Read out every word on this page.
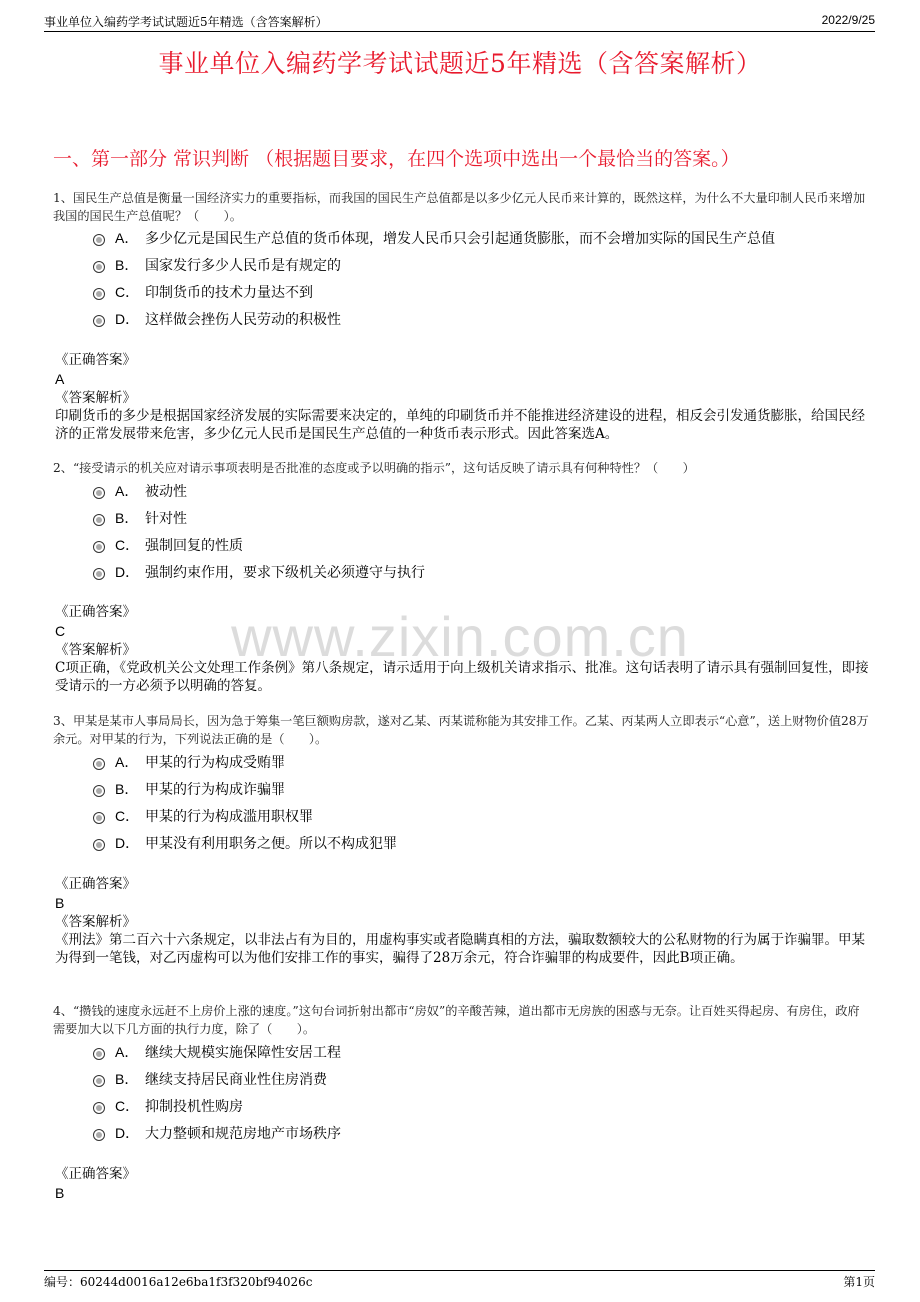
事业单位入编药学考试试题近5年精选（含答案解析）	2022/9/25
事业单位入编药学考试试题近5年精选（含答案解析）
一、第一部分 常识判断 （根据题目要求，在四个选项中选出一个最恰当的答案。）
www.zixin.com.cn
1、国民生产总值是衡量一国经济实力的重要指标，而我国的国民生产总值都是以多少亿元人民币来计算的，既然这样，为什么不大量印制人民币来增加我国的国民生产总值呢？（　　）。
A． 多少亿元是国民生产总值的货币体现，增发人民币只会引起通货膨胀，而不会增加实际的国民生产总值
B． 国家发行多少人民币是有规定的
C． 印制货币的技术力量达不到
D． 这样做会挫伤人民劳动的积极性
《正确答案》
A
《答案解析》
印刷货币的多少是根据国家经济发展的实际需要来决定的，单纯的印刷货币并不能推进经济建设的进程，相反会引发通货膨胀，给国民经济的正常发展带来危害，多少亿元人民币是国民生产总值的一种货币表示形式。因此答案选A。
2、“接受请示的机关应对请示事项表明是否批准的态度或予以明确的指示”，这句话反映了请示具有何种特性？（　　）
A． 被动性
B． 针对性
C． 强制回复的性质
D． 强制约束作用，要求下级机关必须遵守与执行
《正确答案》
C
《答案解析》
C项正确，《党政机关公文处理工作条例》第八条规定，请示适用于向上级机关请求指示、批准。这句话表明了请示具有强制回复性，即接受请示的一方必须予以明确的答复。
3、甲某是某市人事局局长，因为急于筹集一笔巨额购房款，遂对乙某、丙某谎称能为其安排工作。乙某、丙某两人立即表示“心意”，送上财物价值28万余元。对甲某的行为，下列说法正确的是（　　）。
A． 甲某的行为构成受贿罪
B． 甲某的行为构成诈骗罪
C． 甲某的行为构成滥用职权罪
D． 甲某没有利用职务之便。所以不构成犯罪
《正确答案》
B
《答案解析》
《刑法》第二百六十六条规定，以非法占有为目的，用虚构事实或者隐瞒真相的方法，骗取数额较大的公私财物的行为属于诈骗罪。甲某为得到一笔钱，对乙丙虚构可以为他们安排工作的事实，骗得了28万余元，符合诈骗罪的构成要件，因此B项正确。
4、“攒钱的速度永远赶不上房价上涨的速度。”这句台词折射出都市“房奴”的辛酸苦辣，道出都市无房族的困惑与无奈。让百姓买得起房、有房住，政府需要加大以下几方面的执行力度，除了（　　）。
A． 继续大规模实施保障性安居工程
B． 继续支持居民商业性住房消费
C． 抑制投机性购房
D． 大力整顿和规范房地产市场秩序
《正确答案》
B
编号：60244d0016a12e6ba1f3f320bf94026c	第1页
